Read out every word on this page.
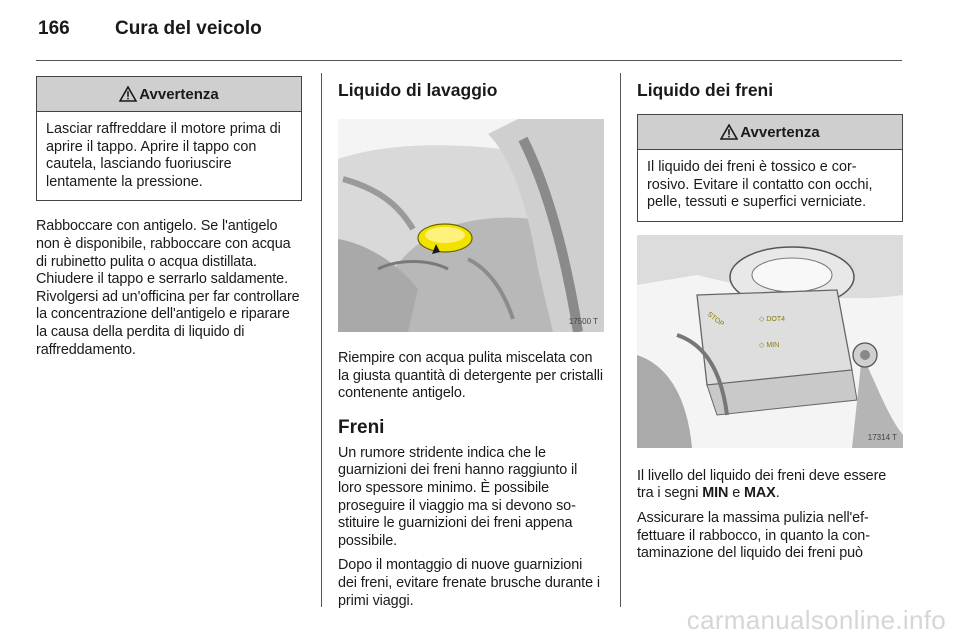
166 Cura del veicolo
Avvertenza
Lasciar raffreddare il motore prima di aprire il tappo. Aprire il tappo con cautela, lasciando fuoriuscire lentamente la pressione.

Rabboccare con antigelo. Se l'antigelo non è disponibile, rabboccare con acqua di rubinetto pulita o acqua distillata. Chiudere il tappo e serrarlo saldamente. Rivolgersi ad un'officina per far controllare la concentrazione dell'antigelo e riparare la causa della perdita di liquido di raffreddamento.

Liquido di lavaggio
17500 T

Riempire con acqua pulita miscelata con la giusta quantità di detergente per cristalli contenente antigelo.

Freni

Un rumore stridente indica che le guarnizioni dei freni hanno raggiunto il loro spessore minimo. È possibile proseguire il viaggio ma si devono sostituire le guarnizioni dei freni appena possibile.

Dopo il montaggio di nuove guarnizioni dei freni, evitare frenate brusche durante i primi viaggi.

Liquido dei freni
Avvertenza
Il liquido dei freni è tossico e corrosivo. Evitare il contatto con occhi, pelle, tessuti e superfici verniciate.
STOP	◇ DOT4
◇ MIN
17314 T

Il livello del liquido dei freni deve essere tra i segni MIN e MAX.

Assicurare la massima pulizia nell'effettuare il rabbocco, in quanto la contaminazione del liquido dei freni può

carmanualsonline.info
